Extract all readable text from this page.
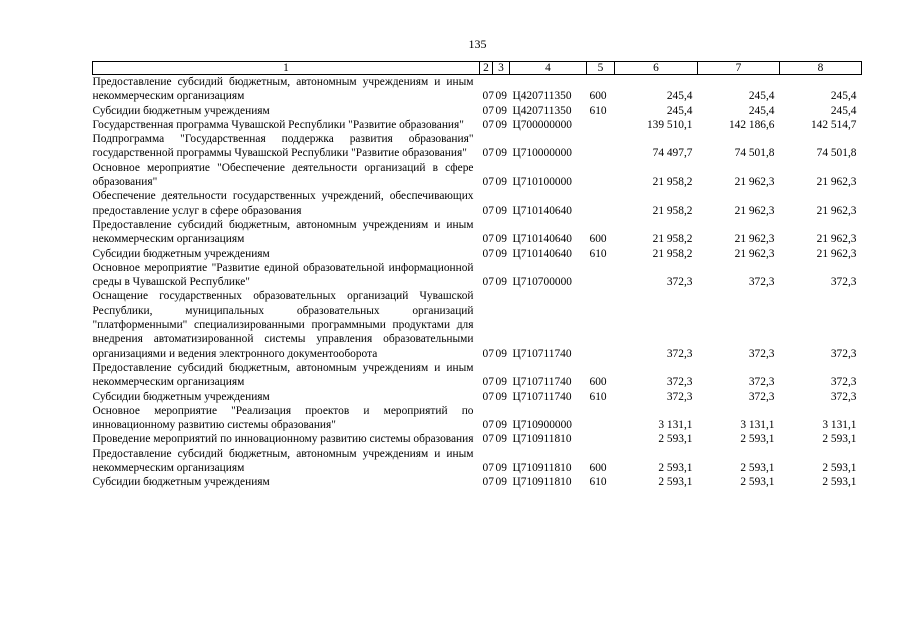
135
1	2	3	4	5	6	7	8
Предоставление субсидий бюджетным, автономным учреждениям и иным некоммерческим организациям	07	09	Ц420711350	600	245,4	245,4	245,4
Субсидии бюджетным учреждениям	07	09	Ц420711350	610	245,4	245,4	245,4
Государственная программа Чувашской Республики "Развитие образования"	07	09	Ц700000000		139 510,1	142 186,6	142 514,7
Подпрограмма "Государственная поддержка развития образования" государственной программы Чувашской Республики "Развитие образования"	07	09	Ц710000000		74 497,7	74 501,8	74 501,8
Основное мероприятие "Обеспечение деятельности организаций в сфере образования"	07	09	Ц710100000		21 958,2	21 962,3	21 962,3
Обеспечение деятельности государственных учреждений, обеспечивающих предоставление услуг в сфере образования	07	09	Ц710140640		21 958,2	21 962,3	21 962,3
Предоставление субсидий бюджетным, автономным учреждениям и иным некоммерческим организациям	07	09	Ц710140640	600	21 958,2	21 962,3	21 962,3
Субсидии бюджетным учреждениям	07	09	Ц710140640	610	21 958,2	21 962,3	21 962,3
Основное мероприятие "Развитие единой образовательной информационной среды в Чувашской Республике"	07	09	Ц710700000		372,3	372,3	372,3
Оснащение государственных образовательных организаций Чувашской Республики, муниципальных образовательных организаций "платформенными" специализированными программными продуктами для внедрения автоматизированной системы управления образовательными организациями и ведения электронного документооборота	07	09	Ц710711740		372,3	372,3	372,3
Предоставление субсидий бюджетным, автономным учреждениям и иным некоммерческим организациям	07	09	Ц710711740	600	372,3	372,3	372,3
Субсидии бюджетным учреждениям	07	09	Ц710711740	610	372,3	372,3	372,3
Основное мероприятие "Реализация проектов и мероприятий по инновационному развитию системы образования"	07	09	Ц710900000		3 131,1	3 131,1	3 131,1
Проведение мероприятий по инновационному развитию системы образования	07	09	Ц710911810		2 593,1	2 593,1	2 593,1
Предоставление субсидий бюджетным, автономным учреждениям и иным некоммерческим организациям	07	09	Ц710911810	600	2 593,1	2 593,1	2 593,1
Субсидии бюджетным учреждениям	07	09	Ц710911810	610	2 593,1	2 593,1	2 593,1
